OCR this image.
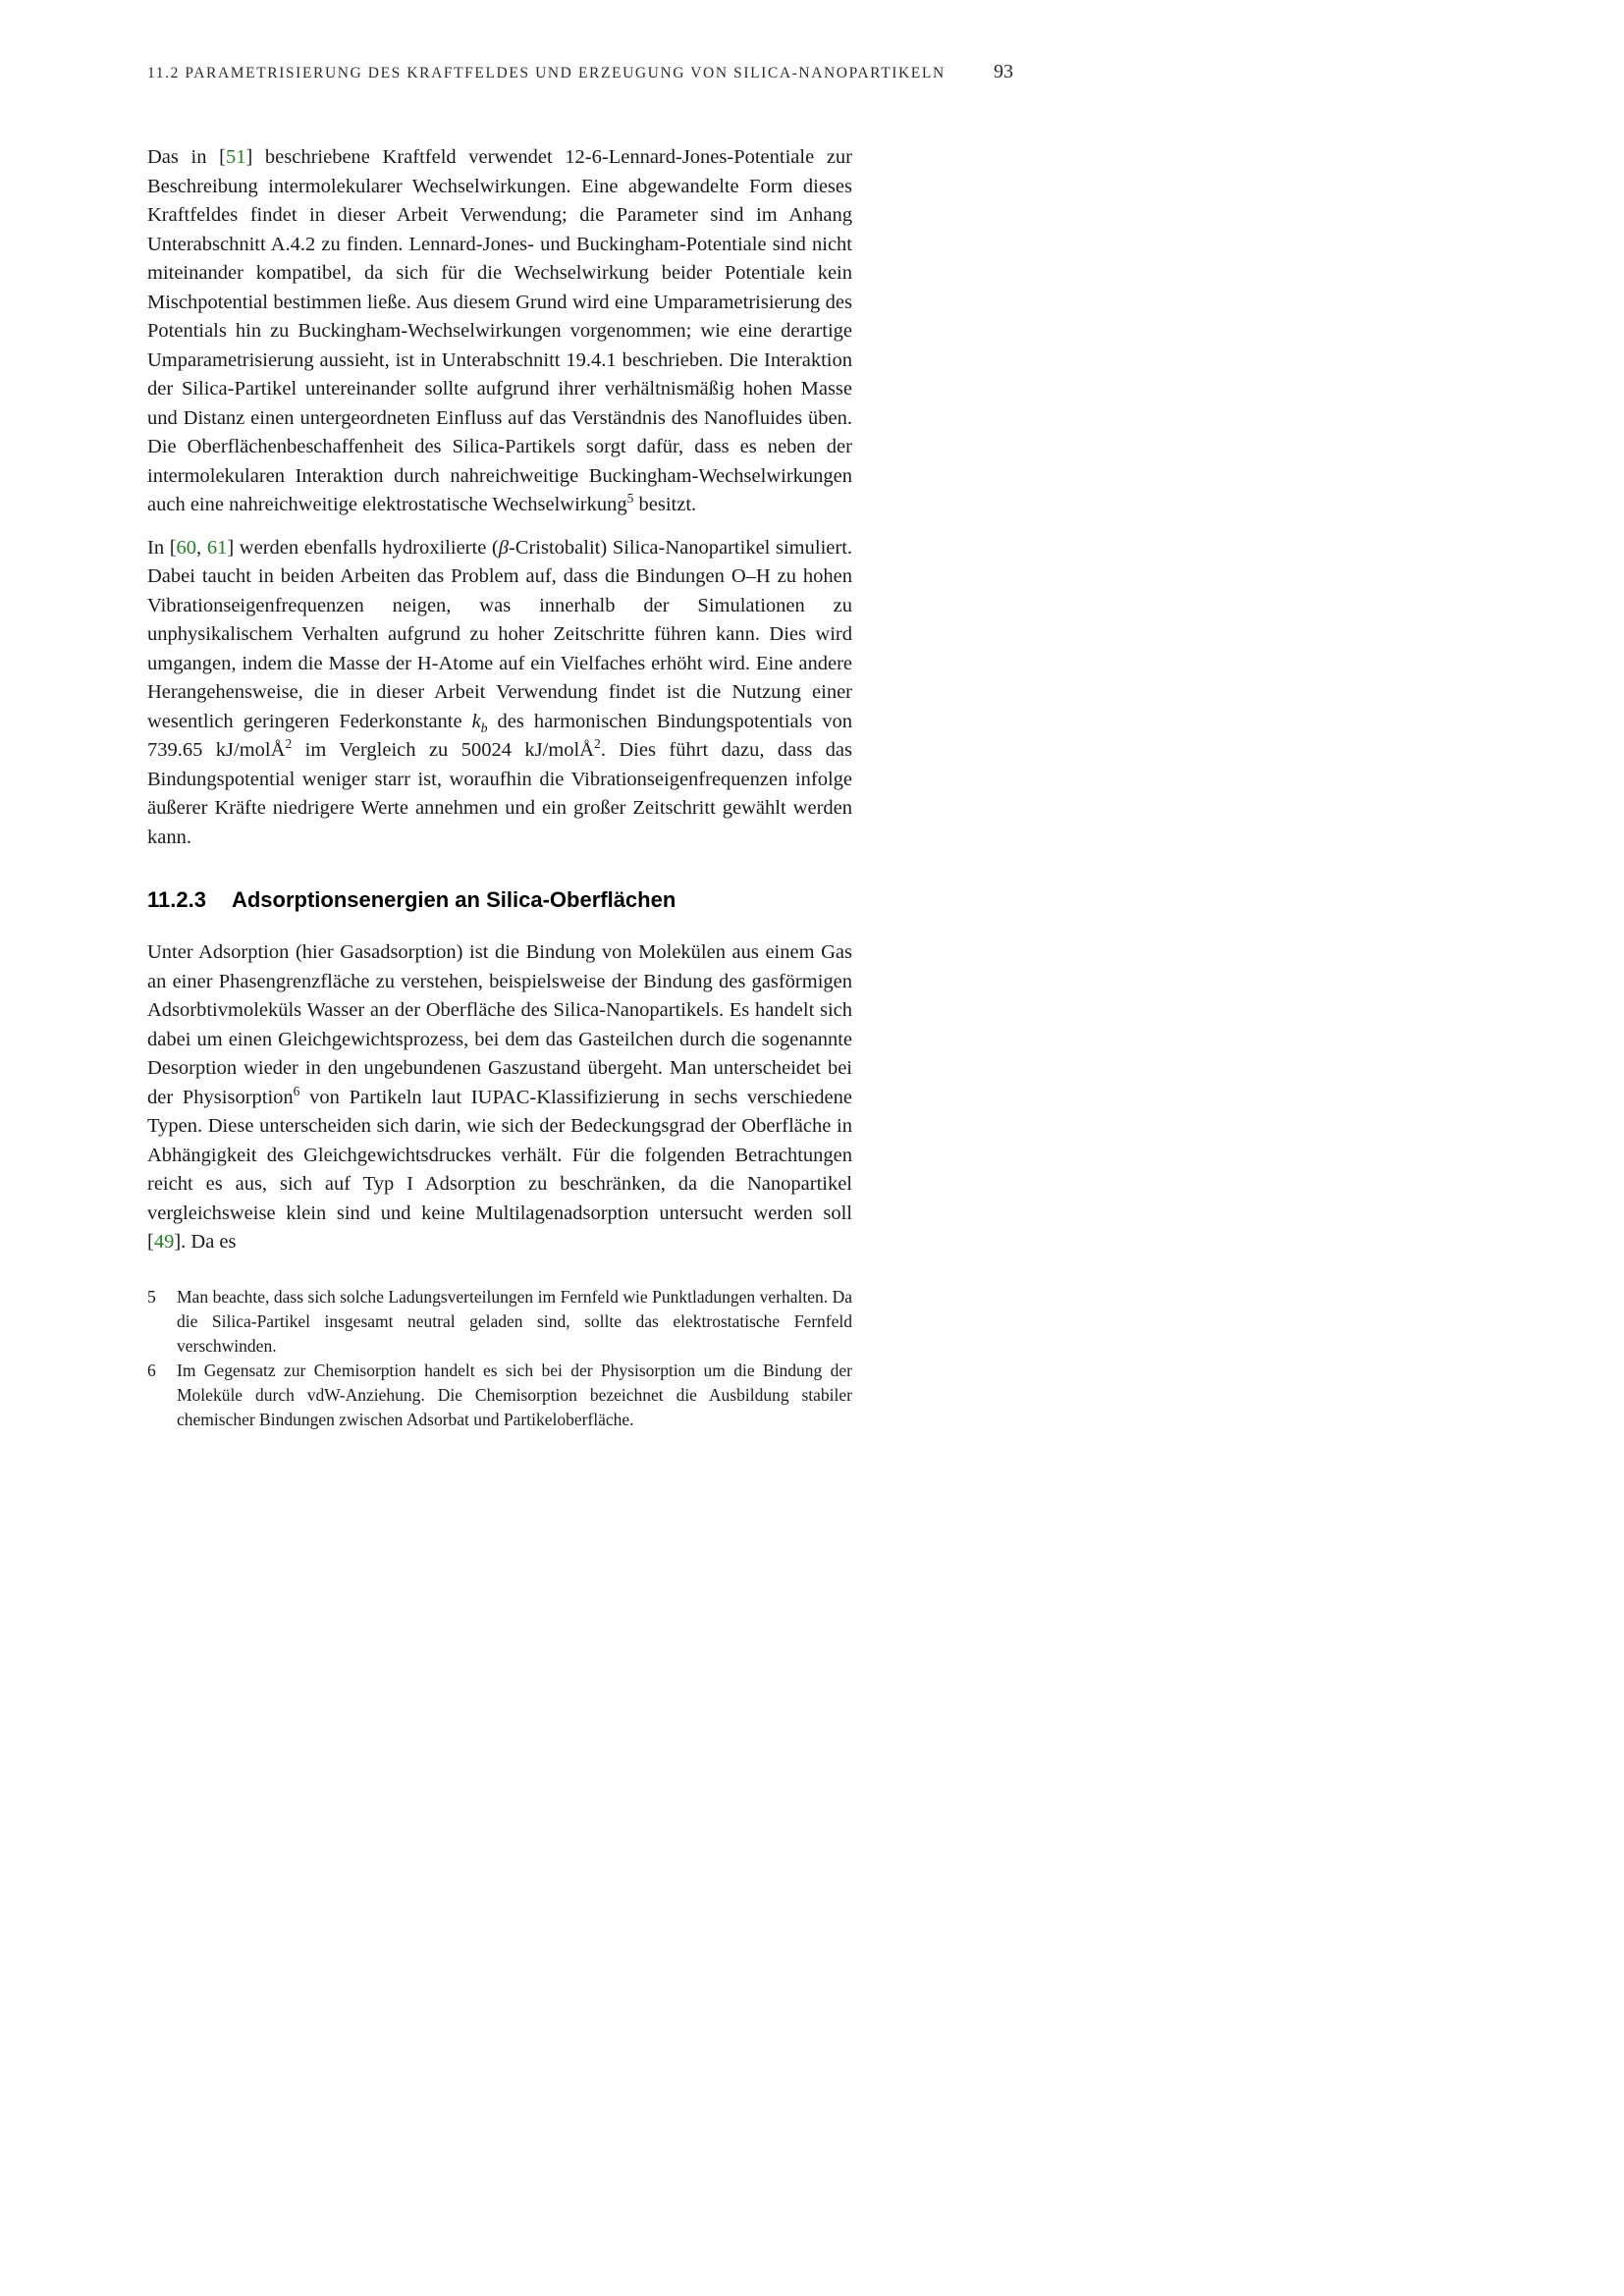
11.2 PARAMETRISIERUNG DES KRAFTFELDES UND ERZEUGUNG VON SILICA-NANOPARTIKELN	93

Das in [51] beschriebene Kraftfeld verwendet 12-6-Lennard-Jones-Potentiale zur Beschreibung intermolekularer Wechselwirkungen. Eine abgewandelte Form dieses Kraftfeldes findet in dieser Arbeit Verwendung; die Parameter sind im Anhang Unterabschnitt A.4.2 zu finden. Lennard-Jones- und Buckingham-Potentiale sind nicht miteinander kompatibel, da sich für die Wechselwirkung beider Potentiale kein Mischpotential bestimmen ließe. Aus diesem Grund wird eine Umparametrisierung des Potentials hin zu Buckingham-Wechselwirkungen vorgenommen; wie eine derartige Umparametrisierung aussieht, ist in Unterabschnitt 19.4.1 beschrieben. Die Interaktion der Silica-Partikel untereinander sollte aufgrund ihrer verhältnismäßig hohen Masse und Distanz einen untergeordneten Einfluss auf das Verständnis des Nanofluides üben. Die Oberflächenbeschaffenheit des Silica-Partikels sorgt dafür, dass es neben der intermolekularen Interaktion durch nahreichweitige Buckingham-Wechselwirkungen auch eine nahreichweitige elektrostatische Wechselwirkung$^5$ besitzt.

In [60, 61] werden ebenfalls hydroxilierte (β-Cristobalit) Silica-Nanopartikel simuliert. Dabei taucht in beiden Arbeiten das Problem auf, dass die Bindungen O–H zu hohen Vibrationseigenfrequenzen neigen, was innerhalb der Simulationen zu unphysikalischem Verhalten aufgrund zu hoher Zeitschritte führen kann. Dies wird umgangen, indem die Masse der H-Atome auf ein Vielfaches erhöht wird. Eine andere Herangehensweise, die in dieser Arbeit Verwendung findet ist die Nutzung einer wesentlich geringeren Federkonstante $k_b$ des harmonischen Bindungspotentials von 739.65 kJ/molÅ$^2$ im Vergleich zu 50024 kJ/molÅ$^2$. Dies führt dazu, dass das Bindungspotential weniger starr ist, woraufhin die Vibrationseigenfrequenzen infolge äußerer Kräfte niedrigere Werte annehmen und ein großer Zeitschritt gewählt werden kann.

11.2.3 Adsorptionsenergien an Silica-Oberflächen

Unter Adsorption (hier Gasadsorption) ist die Bindung von Molekülen aus einem Gas an einer Phasengrenzfläche zu verstehen, beispielsweise der Bindung des gasförmigen Adsorbtivmoleküls Wasser an der Oberfläche des Silica-Nanopartikels. Es handelt sich dabei um einen Gleichgewichtsprozess, bei dem das Gasteilchen durch die sogenannte Desorption wieder in den ungebundenen Gaszustand übergeht. Man unterscheidet bei der Physisorption$^6$ von Partikeln laut IUPAC-Klassifizierung in sechs verschiedene Typen. Diese unterscheiden sich darin, wie sich der Bedeckungsgrad der Oberfläche in Abhängigkeit des Gleichgewichtsdruckes verhält. Für die folgenden Betrachtungen reicht es aus, sich auf Typ I Adsorption zu beschränken, da die Nanopartikel vergleichsweise klein sind und keine Multilagenadsorption untersucht werden soll [49]. Da es

5 Man beachte, dass sich solche Ladungsverteilungen im Fernfeld wie Punktladungen verhalten. Da die Silica-Partikel insgesamt neutral geladen sind, sollte das elektrostatische Fernfeld verschwinden.

6 Im Gegensatz zur Chemisorption handelt es sich bei der Physisorption um die Bindung der Moleküle durch vdW-Anziehung. Die Chemisorption bezeichnet die Ausbildung stabiler chemischer Bindungen zwischen Adsorbat und Partikeloberfläche.
